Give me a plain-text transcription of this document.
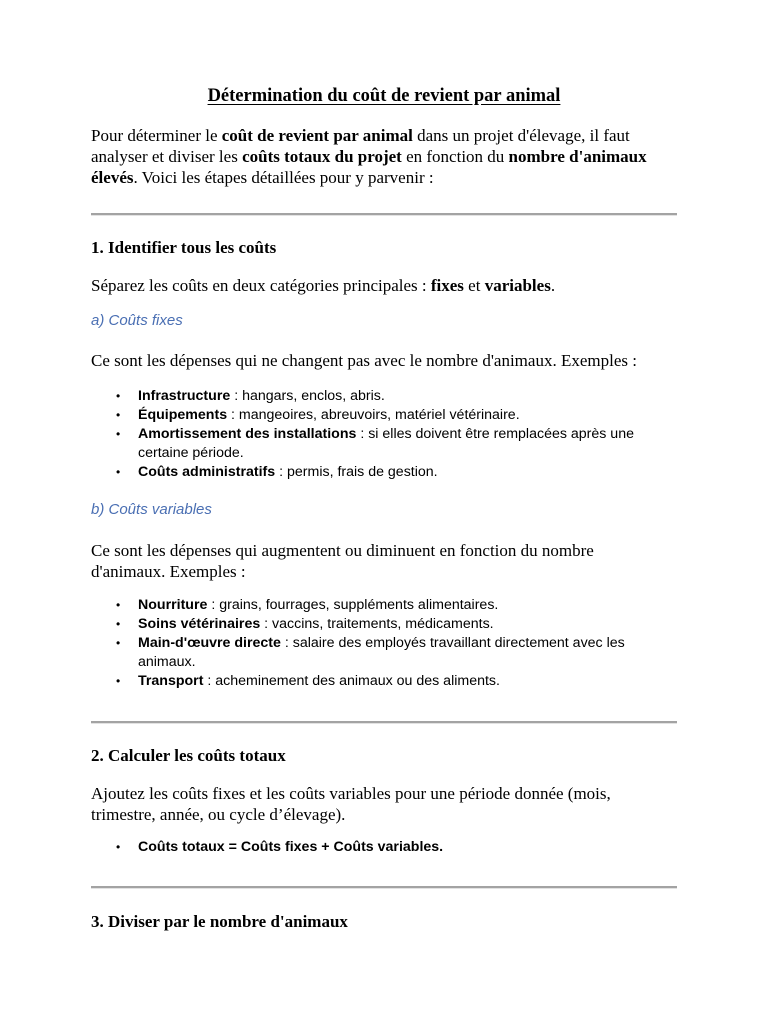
Détermination du coût de revient par animal

Pour déterminer le coût de revient par animal dans un projet d'élevage, il faut analyser et diviser les coûts totaux du projet en fonction du nombre d'animaux élevés. Voici les étapes détaillées pour y parvenir :

1. Identifier tous les coûts

Séparez les coûts en deux catégories principales : fixes et variables.

a) Coûts fixes

Ce sont les dépenses qui ne changent pas avec le nombre d'animaux. Exemples :

• Infrastructure : hangars, enclos, abris.
• Équipements : mangeoires, abreuvoirs, matériel vétérinaire.
• Amortissement des installations : si elles doivent être remplacées après une certaine période.
• Coûts administratifs : permis, frais de gestion.
b) Coûts variables

Ce sont les dépenses qui augmentent ou diminuent en fonction du nombre d'animaux. Exemples :

• Nourriture : grains, fourrages, suppléments alimentaires.
• Soins vétérinaires : vaccins, traitements, médicaments.
• Main-d'œuvre directe : salaire des employés travaillant directement avec les animaux.
• Transport : acheminement des animaux ou des aliments.
2. Calculer les coûts totaux

Ajoutez les coûts fixes et les coûts variables pour une période donnée (mois, trimestre, année, ou cycle d’élevage).

• Coûts totaux = Coûts fixes + Coûts variables.
3. Diviser par le nombre d'animaux
